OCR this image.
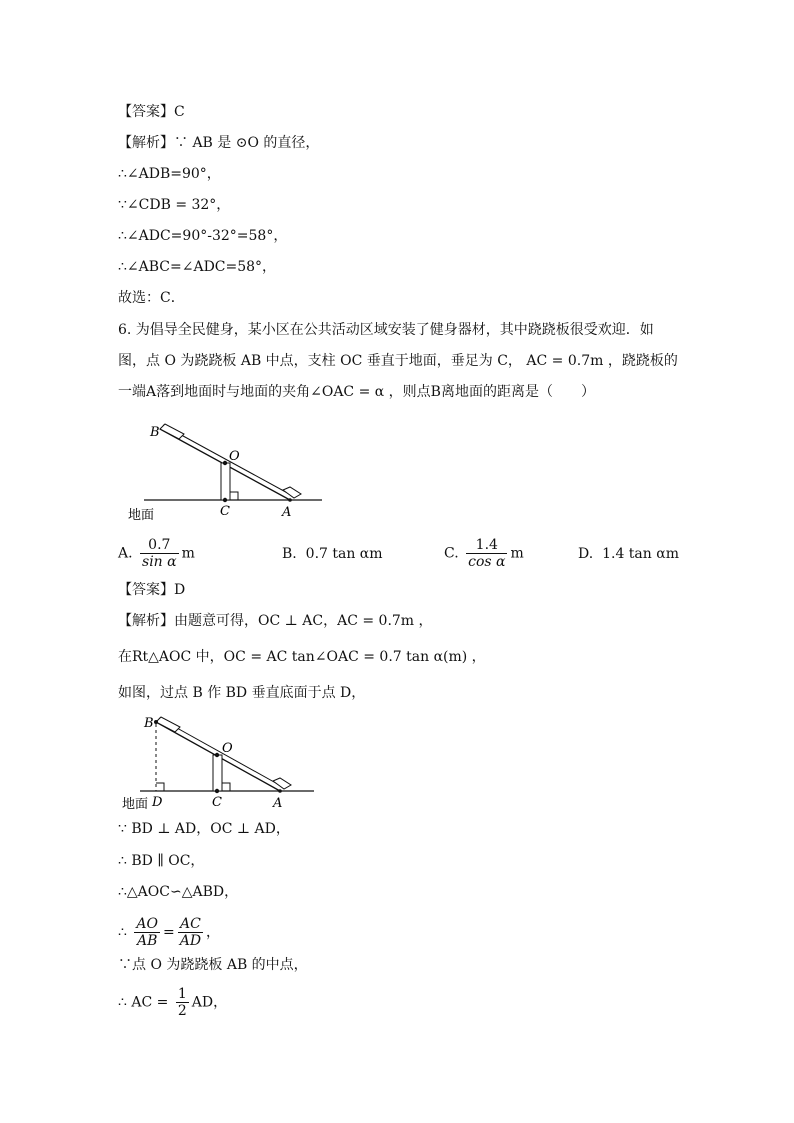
【答案】C
【解析】∵ AB 是 ⊙O 的直径，
∴∠ADB=90°，
∵∠CDB = 32°，
∴∠ADC=90°-32°=58°，
∴∠ABC=∠ADC=58°，
故选：C．
6. 为倡导全民健身，某小区在公共活动区域安装了健身器材，其中跷跷板很受欢迎．如
图，点 O 为跷跷板 AB 中点，支柱 OC 垂直于地面，垂足为 C， AC = 0.7m ，跷跷板的
一端A落到地面时与地面的夹角∠OAC = α ，则点B离地面的距离是（　　）
B
O
C	A
地面
A. $\frac{0.7}{\text{sin α}}$ m	B. 0.7 tan αm	C. $\frac{1.4}{\text{cos α}}$ m	D. 1.4 tan αm
【答案】D
【解析】由题意可得，OC ⊥ AC，AC = 0.7m ，
在Rt△AOC 中，OC = AC tan∠OAC = 0.7 tan α(m) ，
如图，过点 B 作 BD 垂直底面于点 D，
B
O
D	C	A
地面
∵ BD ⊥ AD，OC ⊥ AD，
∴ BD ∥ OC，
∴△AOC∽△ABD，
∴ $\frac{AO}{AB} = \frac{AC}{AD}$ ，
∵点 O 为跷跷板 AB 的中点，
∴ AC = $\frac{1}{2}$ AD，
